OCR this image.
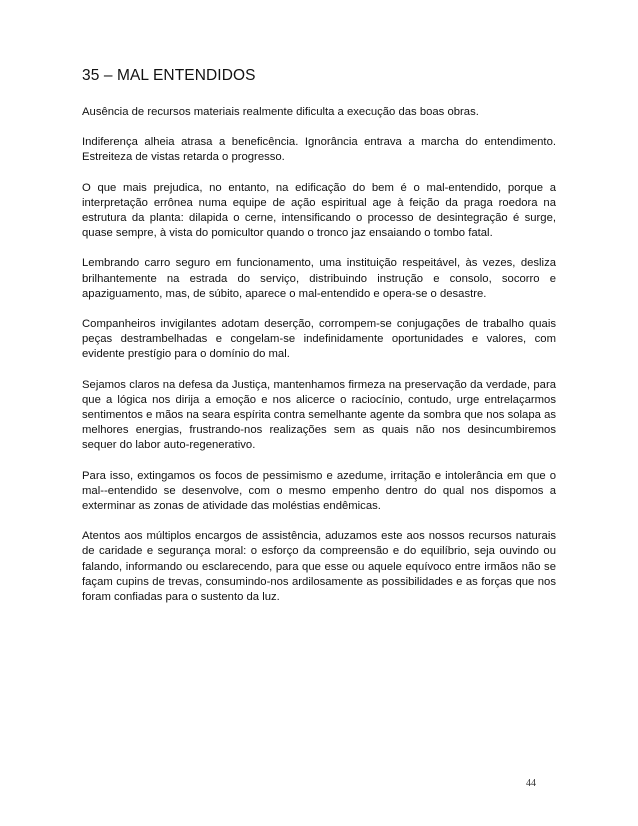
35 – MAL ENTENDIDOS

Ausência de recursos materiais realmente dificulta a execução das boas obras.

Indiferença alheia atrasa a beneficência. Ignorância entrava a marcha do entendimento. Estreiteza de vistas retarda o progresso.

O que mais prejudica, no entanto, na edificação do bem é o mal-entendido, porque a interpretação errônea numa equipe de ação espiritual age à feição da praga roedora na estrutura da planta: dilapida o cerne, intensificando o processo de desintegração é surge, quase sempre, à vista do pomicultor quando o tronco jaz ensaiando o tombo fatal.

Lembrando carro seguro em funcionamento, uma instituição respeitável, às vezes, desliza brilhantemente na estrada do serviço, distribuindo instrução e consolo, socorro e apaziguamento, mas, de súbito, aparece o mal-entendido e opera-se o desastre.

Companheiros invigilantes adotam deserção, corrompem-se conjugações de trabalho quais peças destrambelhadas e congelam-se indefinidamente oportunidades e valores, com evidente prestígio para o domínio do mal.

Sejamos claros na defesa da Justiça, mantenhamos firmeza na preservação da verdade, para que a lógica nos dirija a emoção e nos alicerce o raciocínio, contudo, urge entrelaçarmos sentimentos e mãos na seara espírita contra semelhante agente da sombra que nos solapa as melhores energias, frustrando-nos realizações sem as quais não nos desincumbiremos sequer do labor auto-regenerativo.

Para isso, extingamos os focos de pessimismo e azedume, irritação e intolerância em que o mal--entendido se desenvolve, com o mesmo empenho dentro do qual nos dispomos a exterminar as zonas de atividade das moléstias endêmicas.

Atentos aos múltiplos encargos de assistência, aduzamos este aos nossos recursos naturais de caridade e segurança moral: o esforço da compreensão e do equilíbrio, seja ouvindo ou falando, informando ou esclarecendo, para que esse ou aquele equívoco entre irmãos não se façam cupins de trevas, consumindo-nos ardilosamente as possibilidades e as forças que nos foram confiadas para o sustento da luz.

44
